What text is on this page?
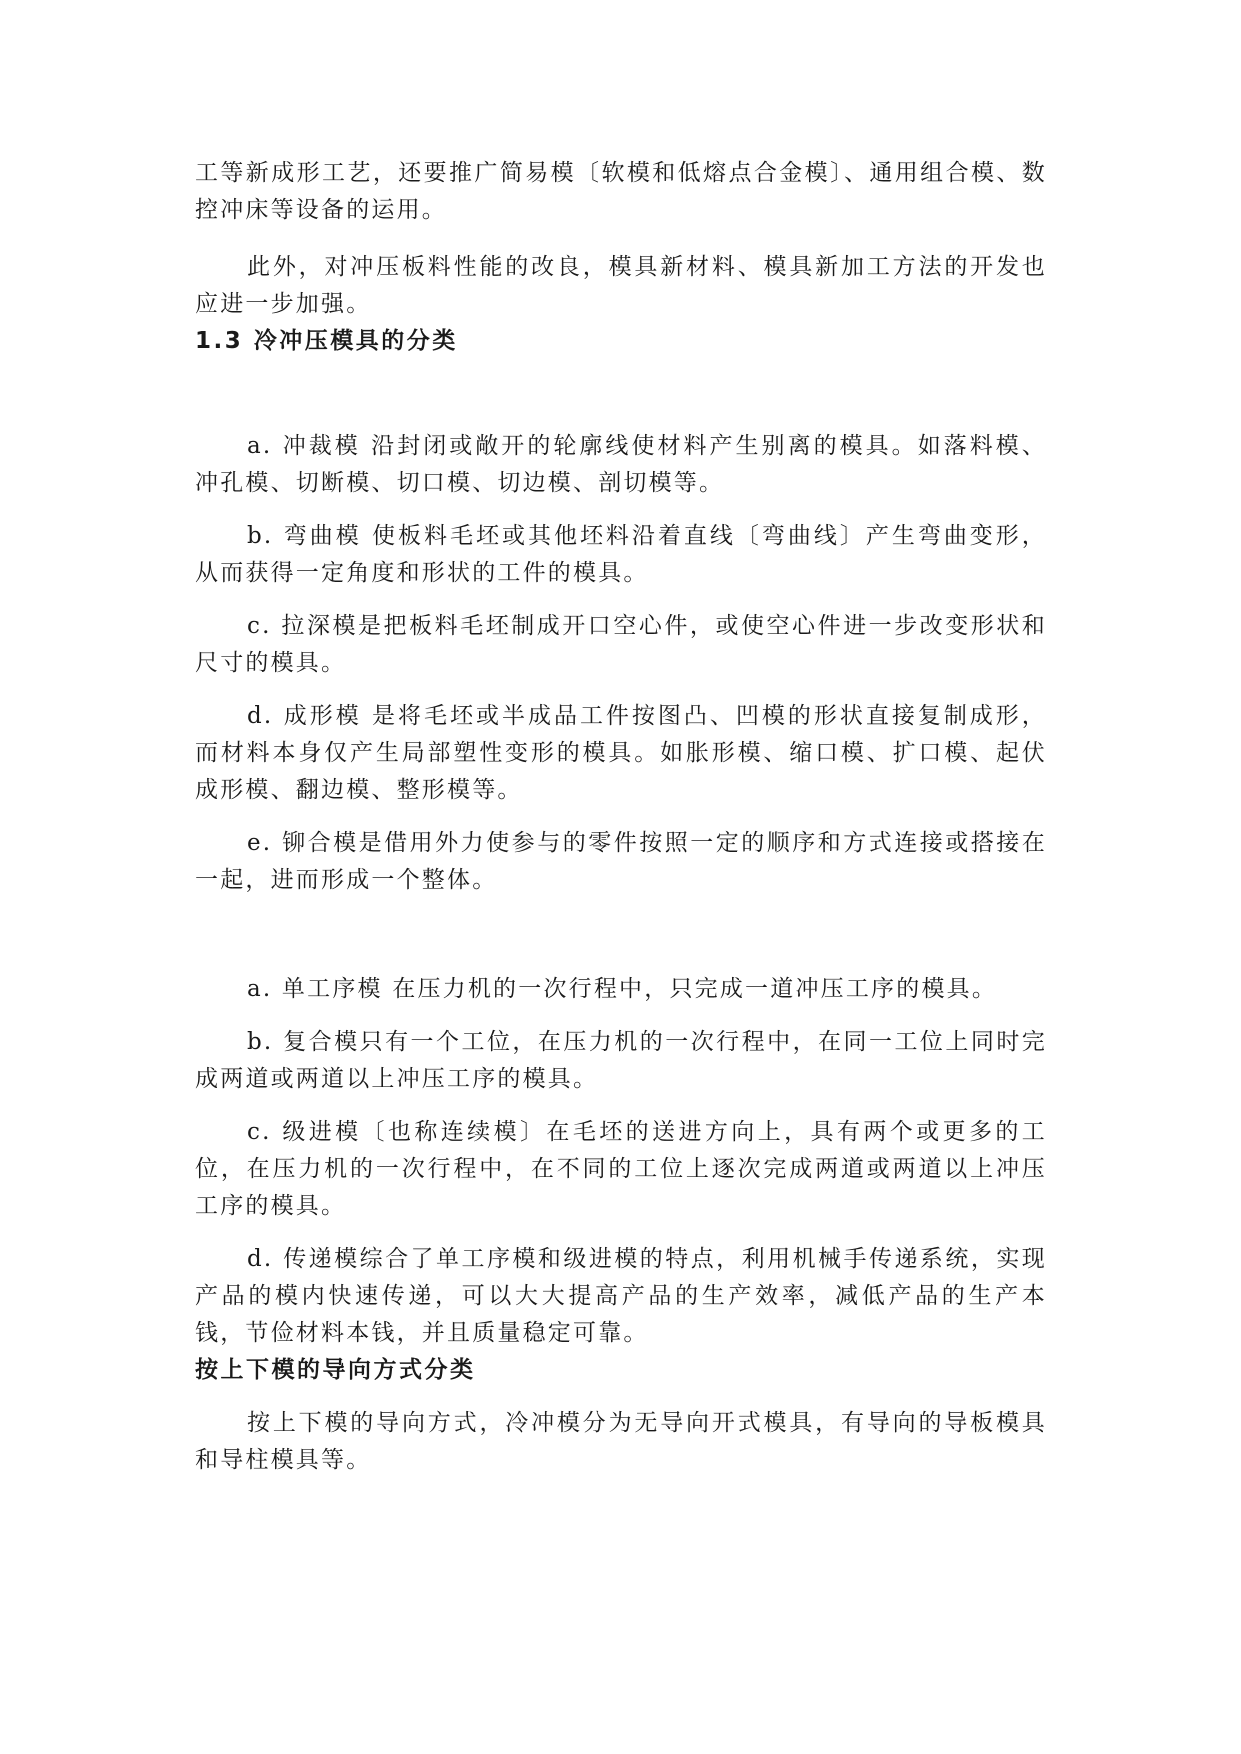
工等新成形工艺，还要推广简易模〔软模和低熔点合金模〕、通用组合模、数控冲床等设备的运用。

此外，对冲压板料性能的改良，模具新材料、模具新加工方法的开发也应进一步加强。

1.3 冷冲压模具的分类

a. 冲裁模 沿封闭或敞开的轮廓线使材料产生别离的模具。如落料模、冲孔模、切断模、切口模、切边模、剖切模等。

b. 弯曲模 使板料毛坯或其他坯料沿着直线〔弯曲线〕产生弯曲变形，从而获得一定角度和形状的工件的模具。

c. 拉深模是把板料毛坯制成开口空心件，或使空心件进一步改变形状和尺寸的模具。

d. 成形模 是将毛坯或半成品工件按图凸、凹模的形状直接复制成形，而材料本身仅产生局部塑性变形的模具。如胀形模、缩口模、扩口模、起伏成形模、翻边模、整形模等。

e. 铆合模是借用外力使参与的零件按照一定的顺序和方式连接或搭接在一起，进而形成一个整体。

a. 单工序模 在压力机的一次行程中，只完成一道冲压工序的模具。

b. 复合模只有一个工位，在压力机的一次行程中，在同一工位上同时完成两道或两道以上冲压工序的模具。

c. 级进模〔也称连续模〕在毛坯的送进方向上，具有两个或更多的工位，在压力机的一次行程中，在不同的工位上逐次完成两道或两道以上冲压工序的模具。

d. 传递模综合了单工序模和级进模的特点，利用机械手传递系统，实现产品的模内快速传递，可以大大提高产品的生产效率，减低产品的生产本钱，节俭材料本钱，并且质量稳定可靠。

按上下模的导向方式分类

按上下模的导向方式，冷冲模分为无导向开式模具，有导向的导板模具和导柱模具等。
